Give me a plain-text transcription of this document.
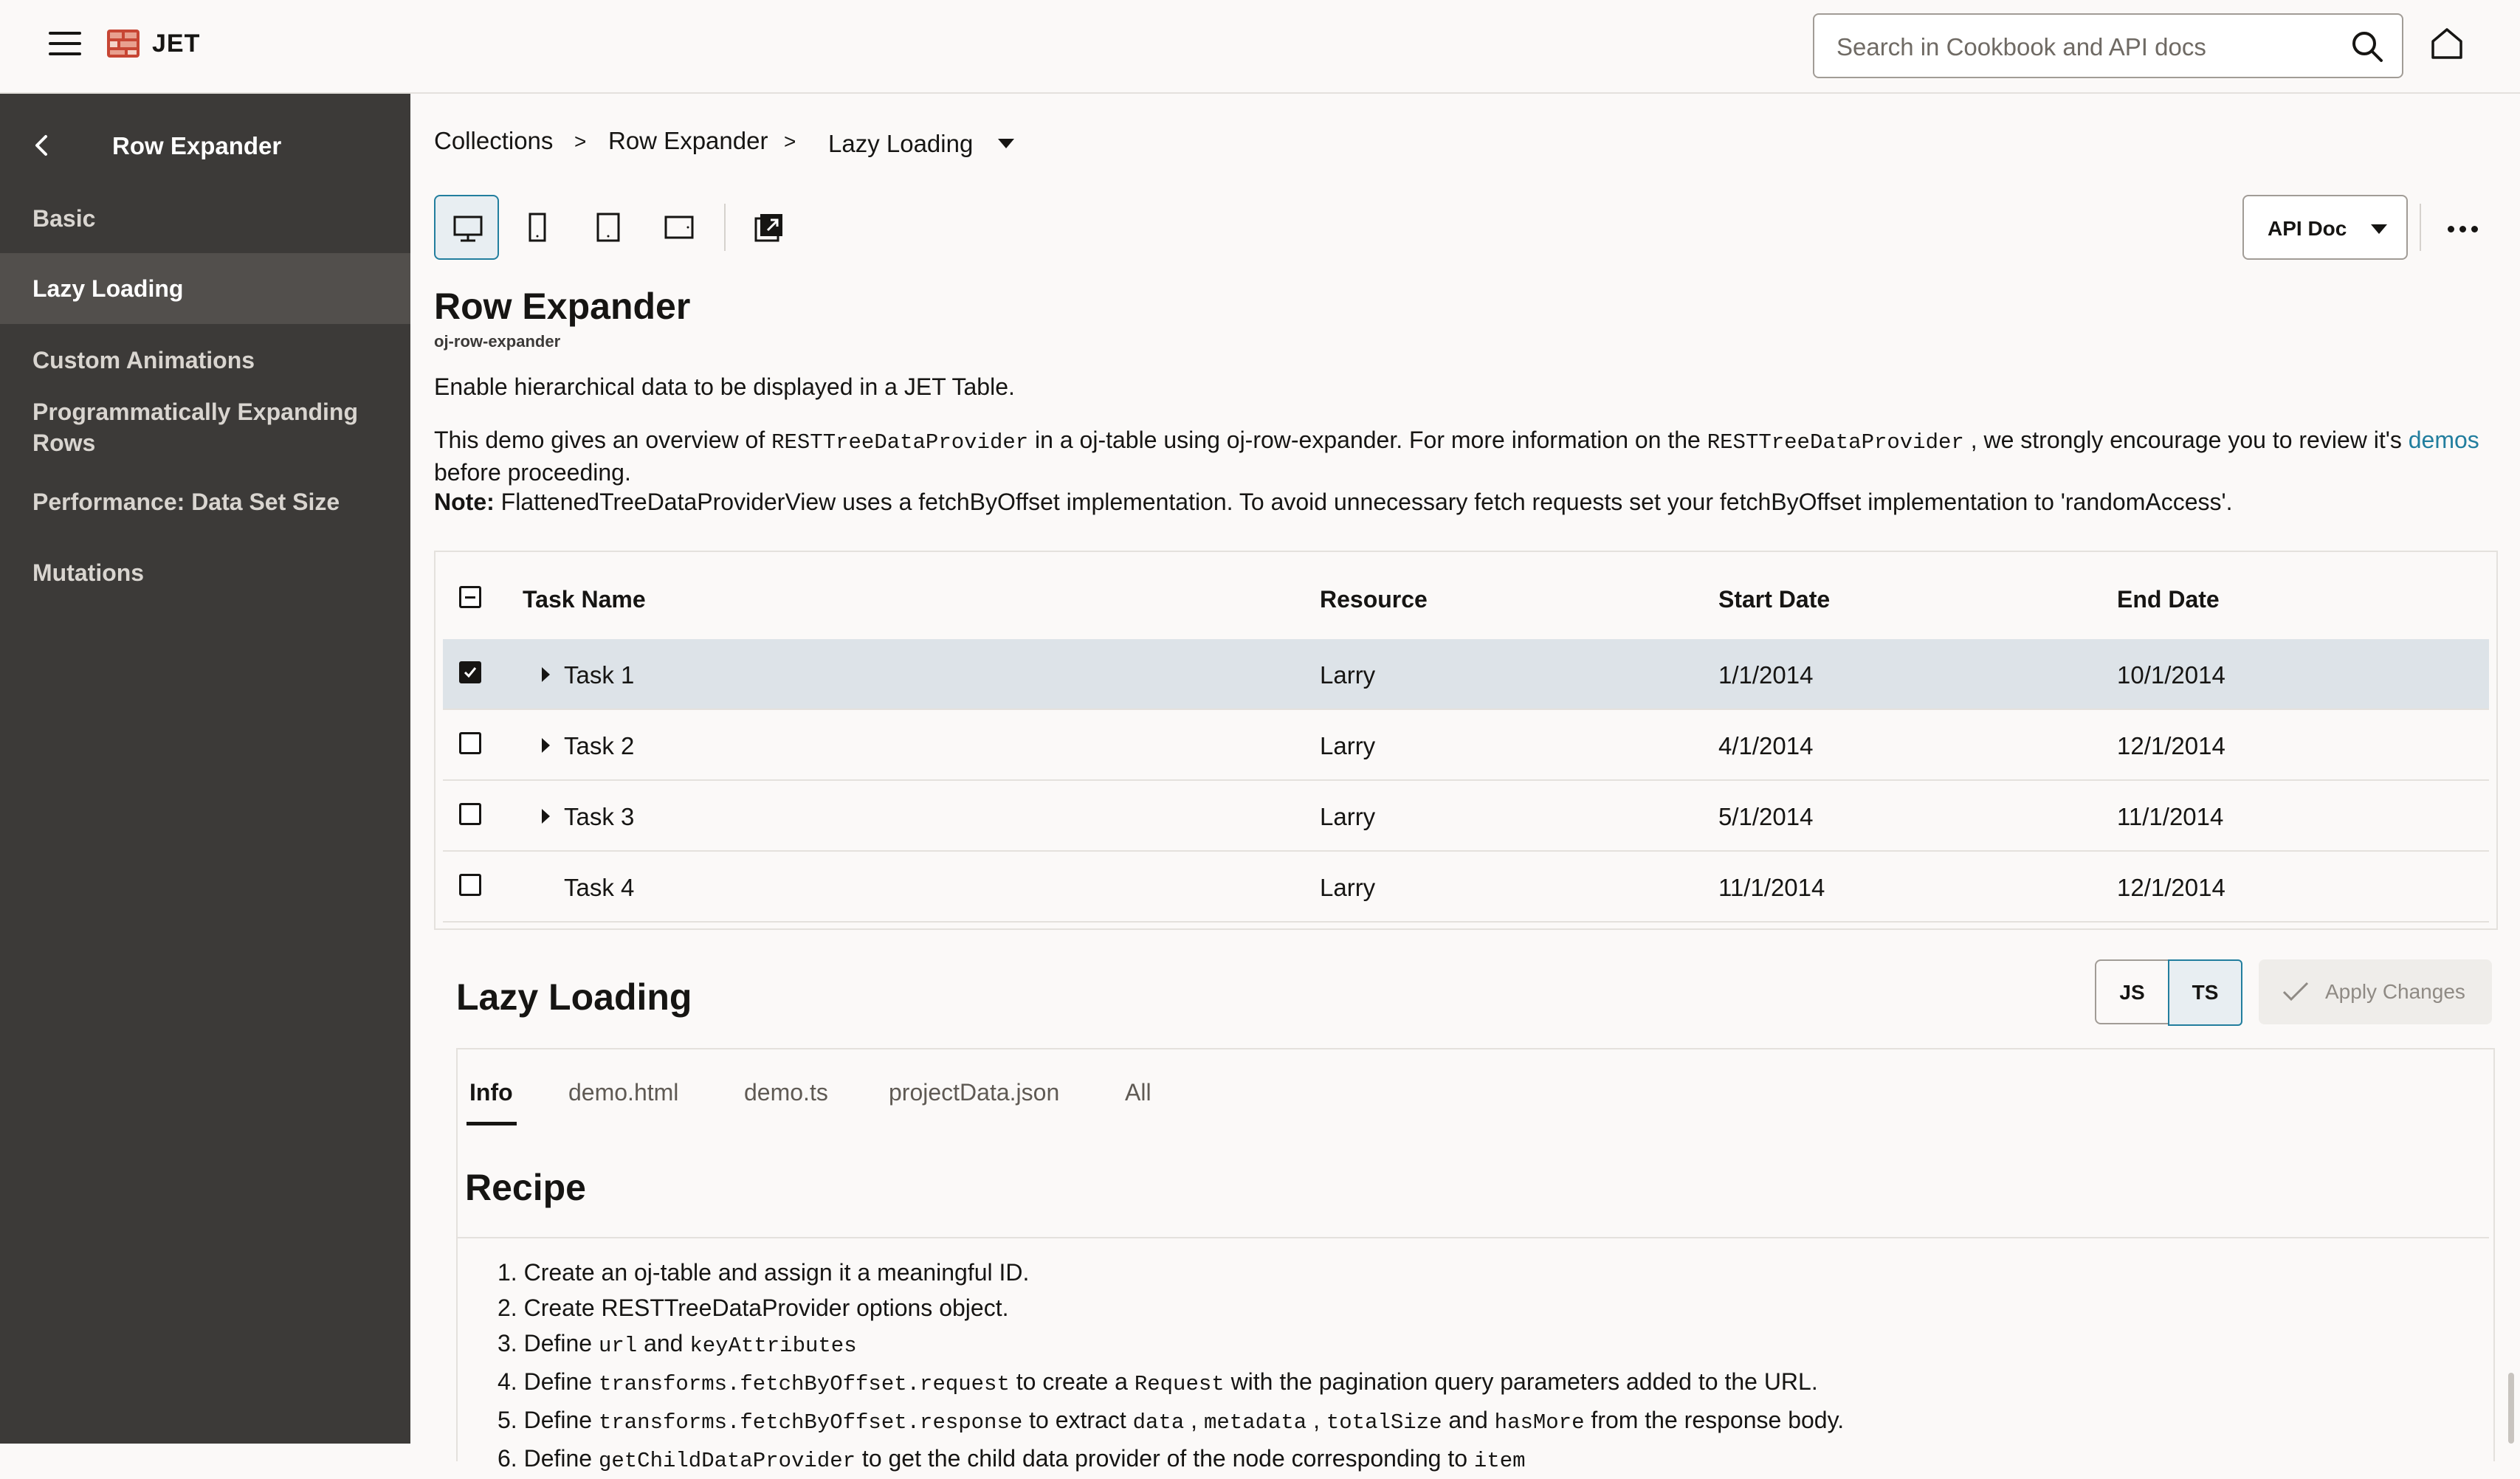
JET
Search in Cookbook and API docs
Row Expander
Basic
Lazy Loading
Custom Animations
Programmatically Expanding
Rows
Performance: Data Set Size
Mutations
Collections > Row Expander > Lazy Loading
API Doc
Row Expander
oj-row-expander
Enable hierarchical data to be displayed in a JET Table.
This demo gives an overview of RESTTreeDataProvider in a oj-table using oj-row-expander. For more information on the RESTTreeDataProvider , we strongly encourage you to review it's demos
before proceeding.
Note: FlattenedTreeDataProviderView uses a fetchByOffset implementation. To avoid unnecessary fetch requests set your fetchByOffset implementation to 'randomAccess'.
Task Name	Resource	Start Date	End Date
Task 1	Larry	1/1/2014	10/1/2014
Task 2	Larry	4/1/2014	12/1/2014
Task 3	Larry	5/1/2014	11/1/2014
Task 4	Larry	11/1/2014	12/1/2014
Lazy Loading	JS	TS	Apply Changes
Info demo.html	demo.ts	projectData.json	All
Recipe
1. Create an oj-table and assign it a meaningful ID.
2. Create RESTTreeDataProvider options object.
3. Define url and keyAttributes
4. Define transforms.fetchByOffset.request to create a Request with the pagination query parameters added to the URL.
5. Define transforms.fetchByOffset.response to extract data , metadata , totalSize and hasMore from the response body.
6. Define getChildDataProvider to get the child data provider of the node corresponding to item
